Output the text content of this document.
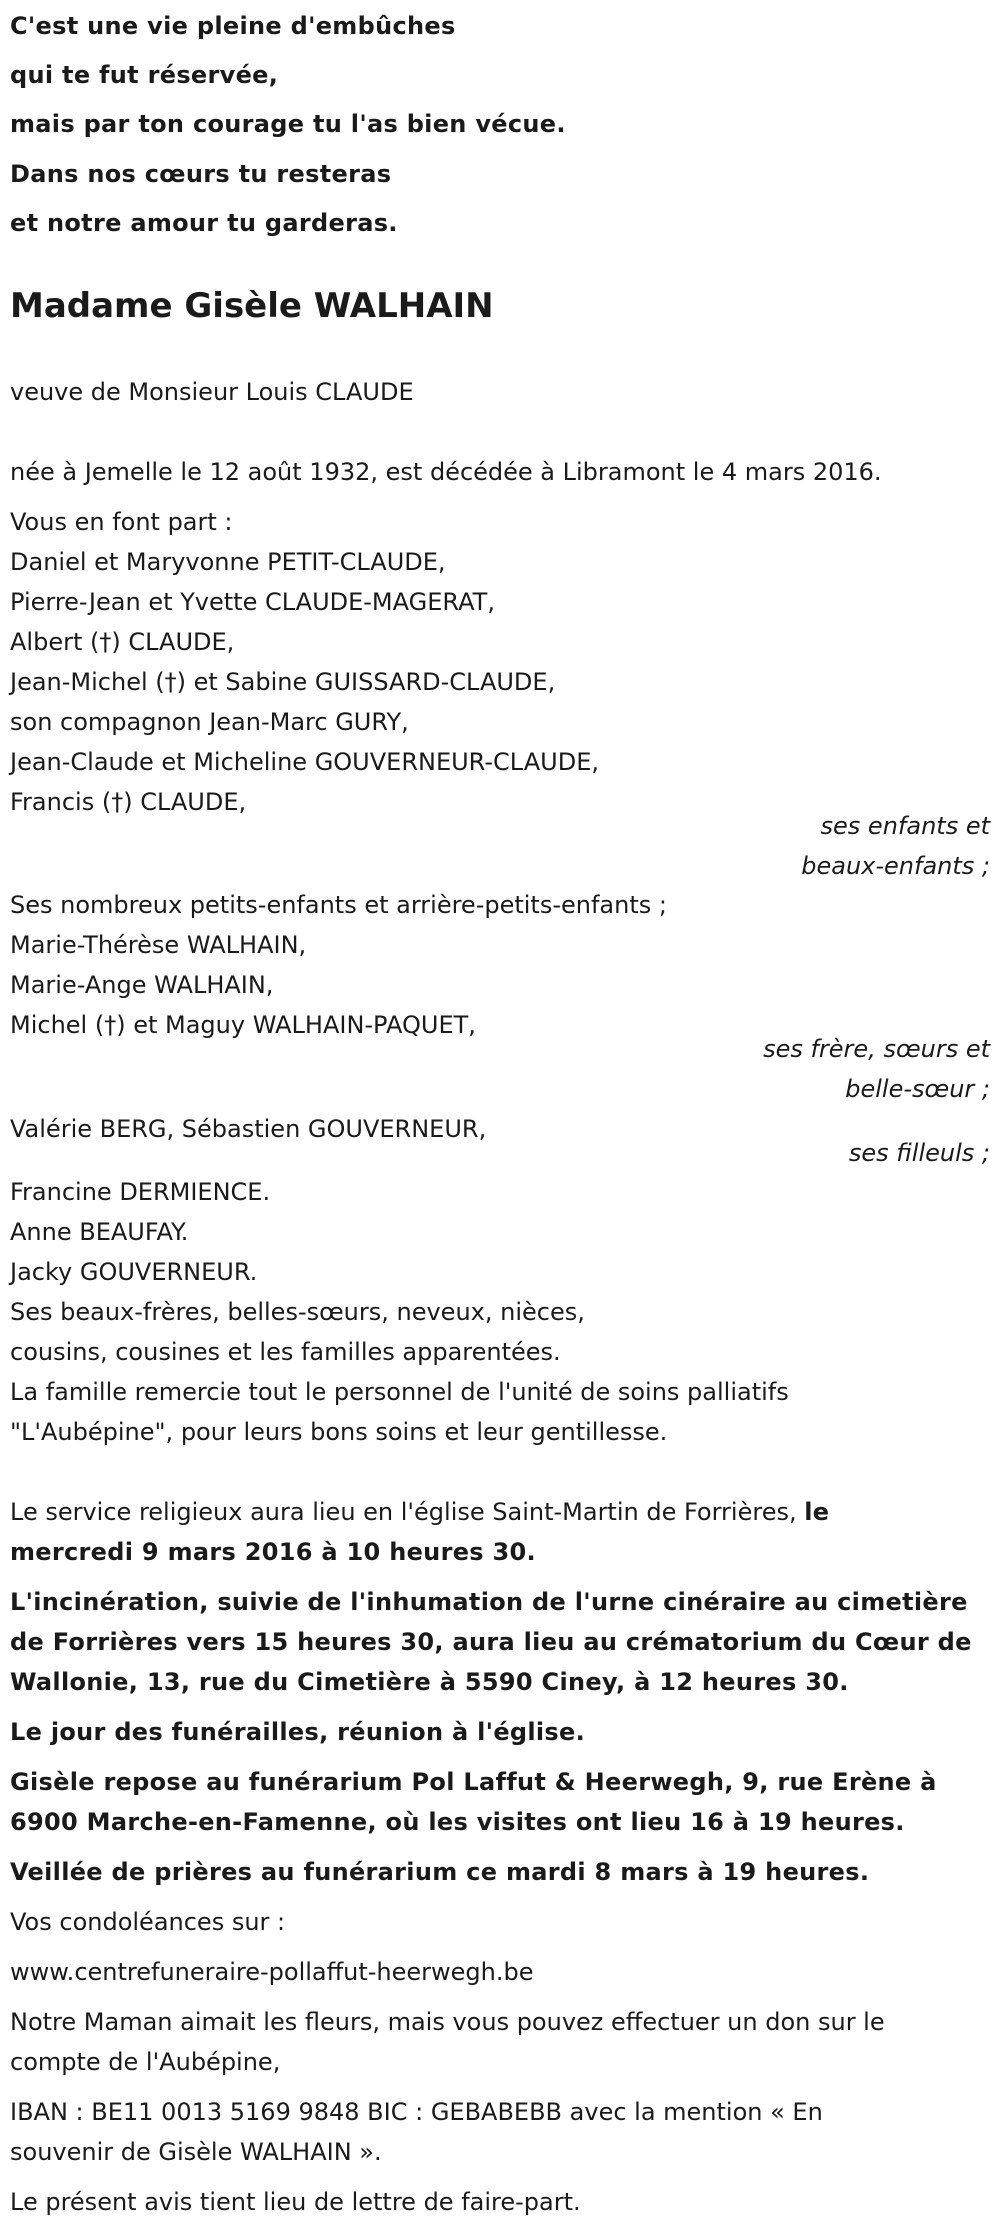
C'est une vie pleine d'embûches
qui te fut réservée,
mais par ton courage tu l'as bien vécue.
Dans nos cœurs tu resteras
et notre amour tu garderas.
Madame Gisèle WALHAIN
veuve de Monsieur Louis CLAUDE
née à Jemelle le 12 août 1932, est décédée à Libramont le 4 mars 2016.
Vous en font part :
Daniel et Maryvonne PETIT-CLAUDE,
Pierre-Jean et Yvette CLAUDE-MAGERAT,
Albert (†) CLAUDE,
Jean-Michel (†) et Sabine GUISSARD-CLAUDE,
son compagnon Jean-Marc GURY,
Jean-Claude et Micheline GOUVERNEUR-CLAUDE,
Francis (†) CLAUDE,
ses enfants et
beaux-enfants ;
Ses nombreux petits-enfants et arrière-petits-enfants ;
Marie-Thérèse WALHAIN,
Marie-Ange WALHAIN,
Michel (†) et Maguy WALHAIN-PAQUET,
ses frère, sœurs et
belle-sœur ;
Valérie BERG, Sébastien GOUVERNEUR,
ses filleuls ;
Francine DERMIENCE.
Anne BEAUFAY.
Jacky GOUVERNEUR.
Ses beaux-frères, belles-sœurs, neveux, nièces,
cousins, cousines et les familles apparentées.
La famille remercie tout le personnel de l'unité de soins palliatifs
"L'Aubépine", pour leurs bons soins et leur gentillesse.
Le service religieux aura lieu en l'église Saint-Martin de Forrières, le
mercredi 9 mars 2016 à 10 heures 30.
L'incinération, suivie de l'inhumation de l'urne cinéraire au cimetière
de Forrières vers 15 heures 30, aura lieu au crématorium du Cœur de
Wallonie, 13, rue du Cimetière à 5590 Ciney, à 12 heures 30.
Le jour des funérailles, réunion à l'église.
Gisèle repose au funérarium Pol Laffut & Heerwegh, 9, rue Erène à
6900 Marche-en-Famenne, où les visites ont lieu 16 à 19 heures.
Veillée de prières au funérarium ce mardi 8 mars à 19 heures.
Vos condoléances sur :
www.centrefuneraire-pollaffut-heerwegh.be
Notre Maman aimait les fleurs, mais vous pouvez effectuer un don sur le
compte de l'Aubépine,
IBAN : BE11 0013 5169 9848 BIC : GEBABEBB avec la mention « En
souvenir de Gisèle WALHAIN ».
Le présent avis tient lieu de lettre de faire-part.
